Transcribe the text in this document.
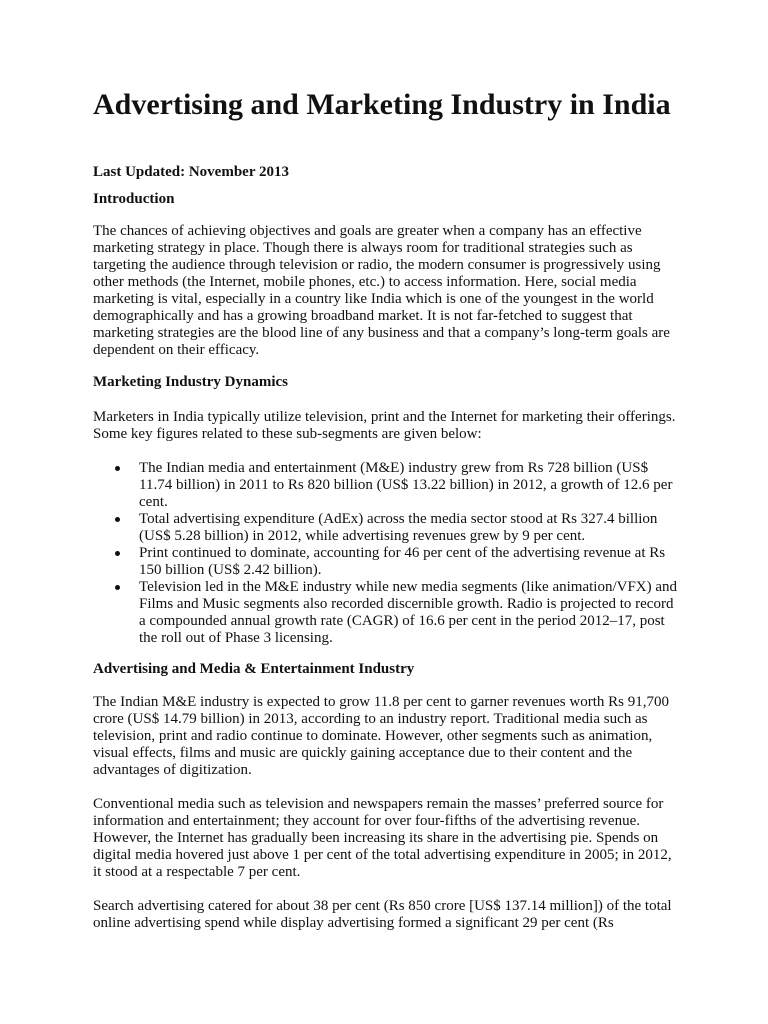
Advertising and Marketing Industry in India

Last Updated: November 2013

Introduction

The chances of achieving objectives and goals are greater when a company has an effective marketing strategy in place. Though there is always room for traditional strategies such as targeting the audience through television or radio, the modern consumer is progressively using other methods (the Internet, mobile phones, etc.) to access information. Here, social media marketing is vital, especially in a country like India which is one of the youngest in the world demographically and has a growing broadband market. It is not far-fetched to suggest that marketing strategies are the blood line of any business and that a company’s long-term goals are dependent on their efficacy.

Marketing Industry Dynamics

Marketers in India typically utilize television, print and the Internet for marketing their offerings. Some key figures related to these sub-segments are given below:

The Indian media and entertainment (M&E) industry grew from Rs 728 billion (US$ 11.74 billion) in 2011 to Rs 820 billion (US$ 13.22 billion) in 2012, a growth of 12.6 per cent.
Total advertising expenditure (AdEx) across the media sector stood at Rs 327.4 billion (US$ 5.28 billion) in 2012, while advertising revenues grew by 9 per cent.
Print continued to dominate, accounting for 46 per cent of the advertising revenue at Rs 150 billion (US$ 2.42 billion).
Television led in the M&E industry while new media segments (like animation/VFX) and Films and Music segments also recorded discernible growth. Radio is projected to record a compounded annual growth rate (CAGR) of 16.6 per cent in the period 2012–17, post the roll out of Phase 3 licensing.
Advertising and Media & Entertainment Industry

The Indian M&E industry is expected to grow 11.8 per cent to garner revenues worth Rs 91,700 crore (US$ 14.79 billion) in 2013, according to an industry report. Traditional media such as television, print and radio continue to dominate. However, other segments such as animation, visual effects, films and music are quickly gaining acceptance due to their content and the advantages of digitization.

Conventional media such as television and newspapers remain the masses’ preferred source for information and entertainment; they account for over four-fifths of the advertising revenue. However, the Internet has gradually been increasing its share in the advertising pie. Spends on digital media hovered just above 1 per cent of the total advertising expenditure in 2005; in 2012, it stood at a respectable 7 per cent.

Search advertising catered for about 38 per cent (Rs 850 crore [US$ 137.14 million]) of the total online advertising spend while display advertising formed a significant 29 per cent (Rs
